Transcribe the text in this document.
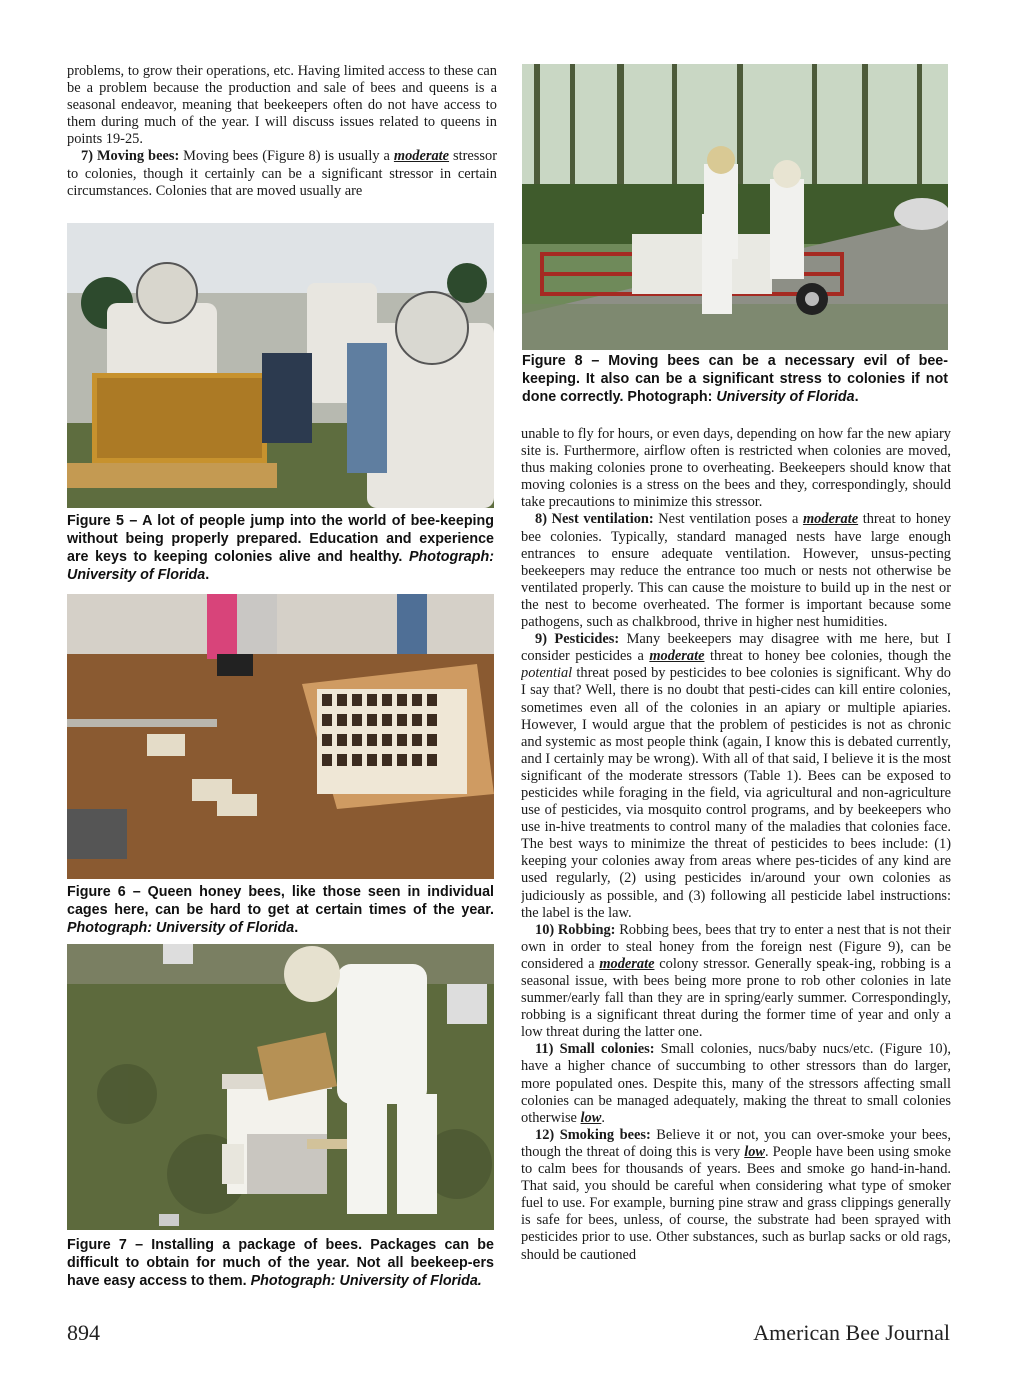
problems, to grow their operations, etc. Having limited access to these can be a problem because the production and sale of bees and queens is a seasonal endeavor, meaning that beekeepers often do not have access to them during much of the year. I will discuss issues related to queens in points 19-25.

7) Moving bees: Moving bees (Figure 8) is usually a moderate stressor to colonies, though it certainly can be a significant stressor in certain circumstances. Colonies that are moved usually are

Figure 8 – Moving bees can be a necessary evil of bee-keeping. It also can be a significant stress to colonies if not done correctly. Photograph: University of Florida.
Figure 5 – A lot of people jump into the world of bee-keeping without being properly prepared. Education and experience are keys to keeping colonies alive and healthy. Photograph: University of Florida.
Figure 6 – Queen honey bees, like those seen in individual cages here, can be hard to get at certain times of the year. Photograph: University of Florida.
Figure 7 – Installing a package of bees. Packages can be difficult to obtain for much of the year. Not all beekeep-ers have easy access to them. Photograph: University of Florida.

unable to fly for hours, or even days, depending on how far the new apiary site is. Furthermore, airflow often is restricted when colonies are moved, thus making colonies prone to overheating. Beekeepers should know that moving colonies is a stress on the bees and they, correspondingly, should take precautions to minimize this stressor.

8) Nest ventilation: Nest ventilation poses a moderate threat to honey bee colonies. Typically, standard managed nests have large enough entrances to ensure adequate ventilation. However, unsus-pecting beekeepers may reduce the entrance too much or nests not otherwise be ventilated properly. This can cause the moisture to build up in the nest or the nest to become overheated. The former is important because some pathogens, such as chalkbrood, thrive in higher nest humidities.

9) Pesticides: Many beekeepers may disagree with me here, but I consider pesticides a moderate threat to honey bee colonies, though the potential threat posed by pesticides to bee colonies is significant. Why do I say that? Well, there is no doubt that pesti-cides can kill entire colonies, sometimes even all of the colonies in an apiary or multiple apiaries. However, I would argue that the problem of pesticides is not as chronic and systemic as most people think (again, I know this is debated currently, and I certainly may be wrong). With all of that said, I believe it is the most significant of the moderate stressors (Table 1). Bees can be exposed to pesticides while foraging in the field, via agricultural and non-agriculture use of pesticides, via mosquito control programs, and by beekeepers who use in-hive treatments to control many of the maladies that colonies face. The best ways to minimize the threat of pesticides to bees include: (1) keeping your colonies away from areas where pes-ticides of any kind are used regularly, (2) using pesticides in/around your own colonies as judiciously as possible, and (3) following all pesticide label instructions: the label is the law.

10) Robbing: Robbing bees, bees that try to enter a nest that is not their own in order to steal honey from the foreign nest (Figure 9), can be considered a moderate colony stressor. Generally speak-ing, robbing is a seasonal issue, with bees being more prone to rob other colonies in late summer/early fall than they are in spring/early summer. Correspondingly, robbing is a significant threat during the former time of year and only a low threat during the latter one.

11) Small colonies: Small colonies, nucs/baby nucs/etc. (Figure 10), have a higher chance of succumbing to other stressors than do larger, more populated ones. Despite this, many of the stressors affecting small colonies can be managed adequately, making the threat to small colonies otherwise low.

12) Smoking bees: Believe it or not, you can over-smoke your bees, though the threat of doing this is very low. People have been using smoke to calm bees for thousands of years. Bees and smoke go hand-in-hand. That said, you should be careful when considering what type of smoker fuel to use. For example, burning pine straw and grass clippings generally is safe for bees, unless, of course, the substrate had been sprayed with pesticides prior to use. Other substances, such as burlap sacks or old rags, should be cautioned

894	American Bee Journal
